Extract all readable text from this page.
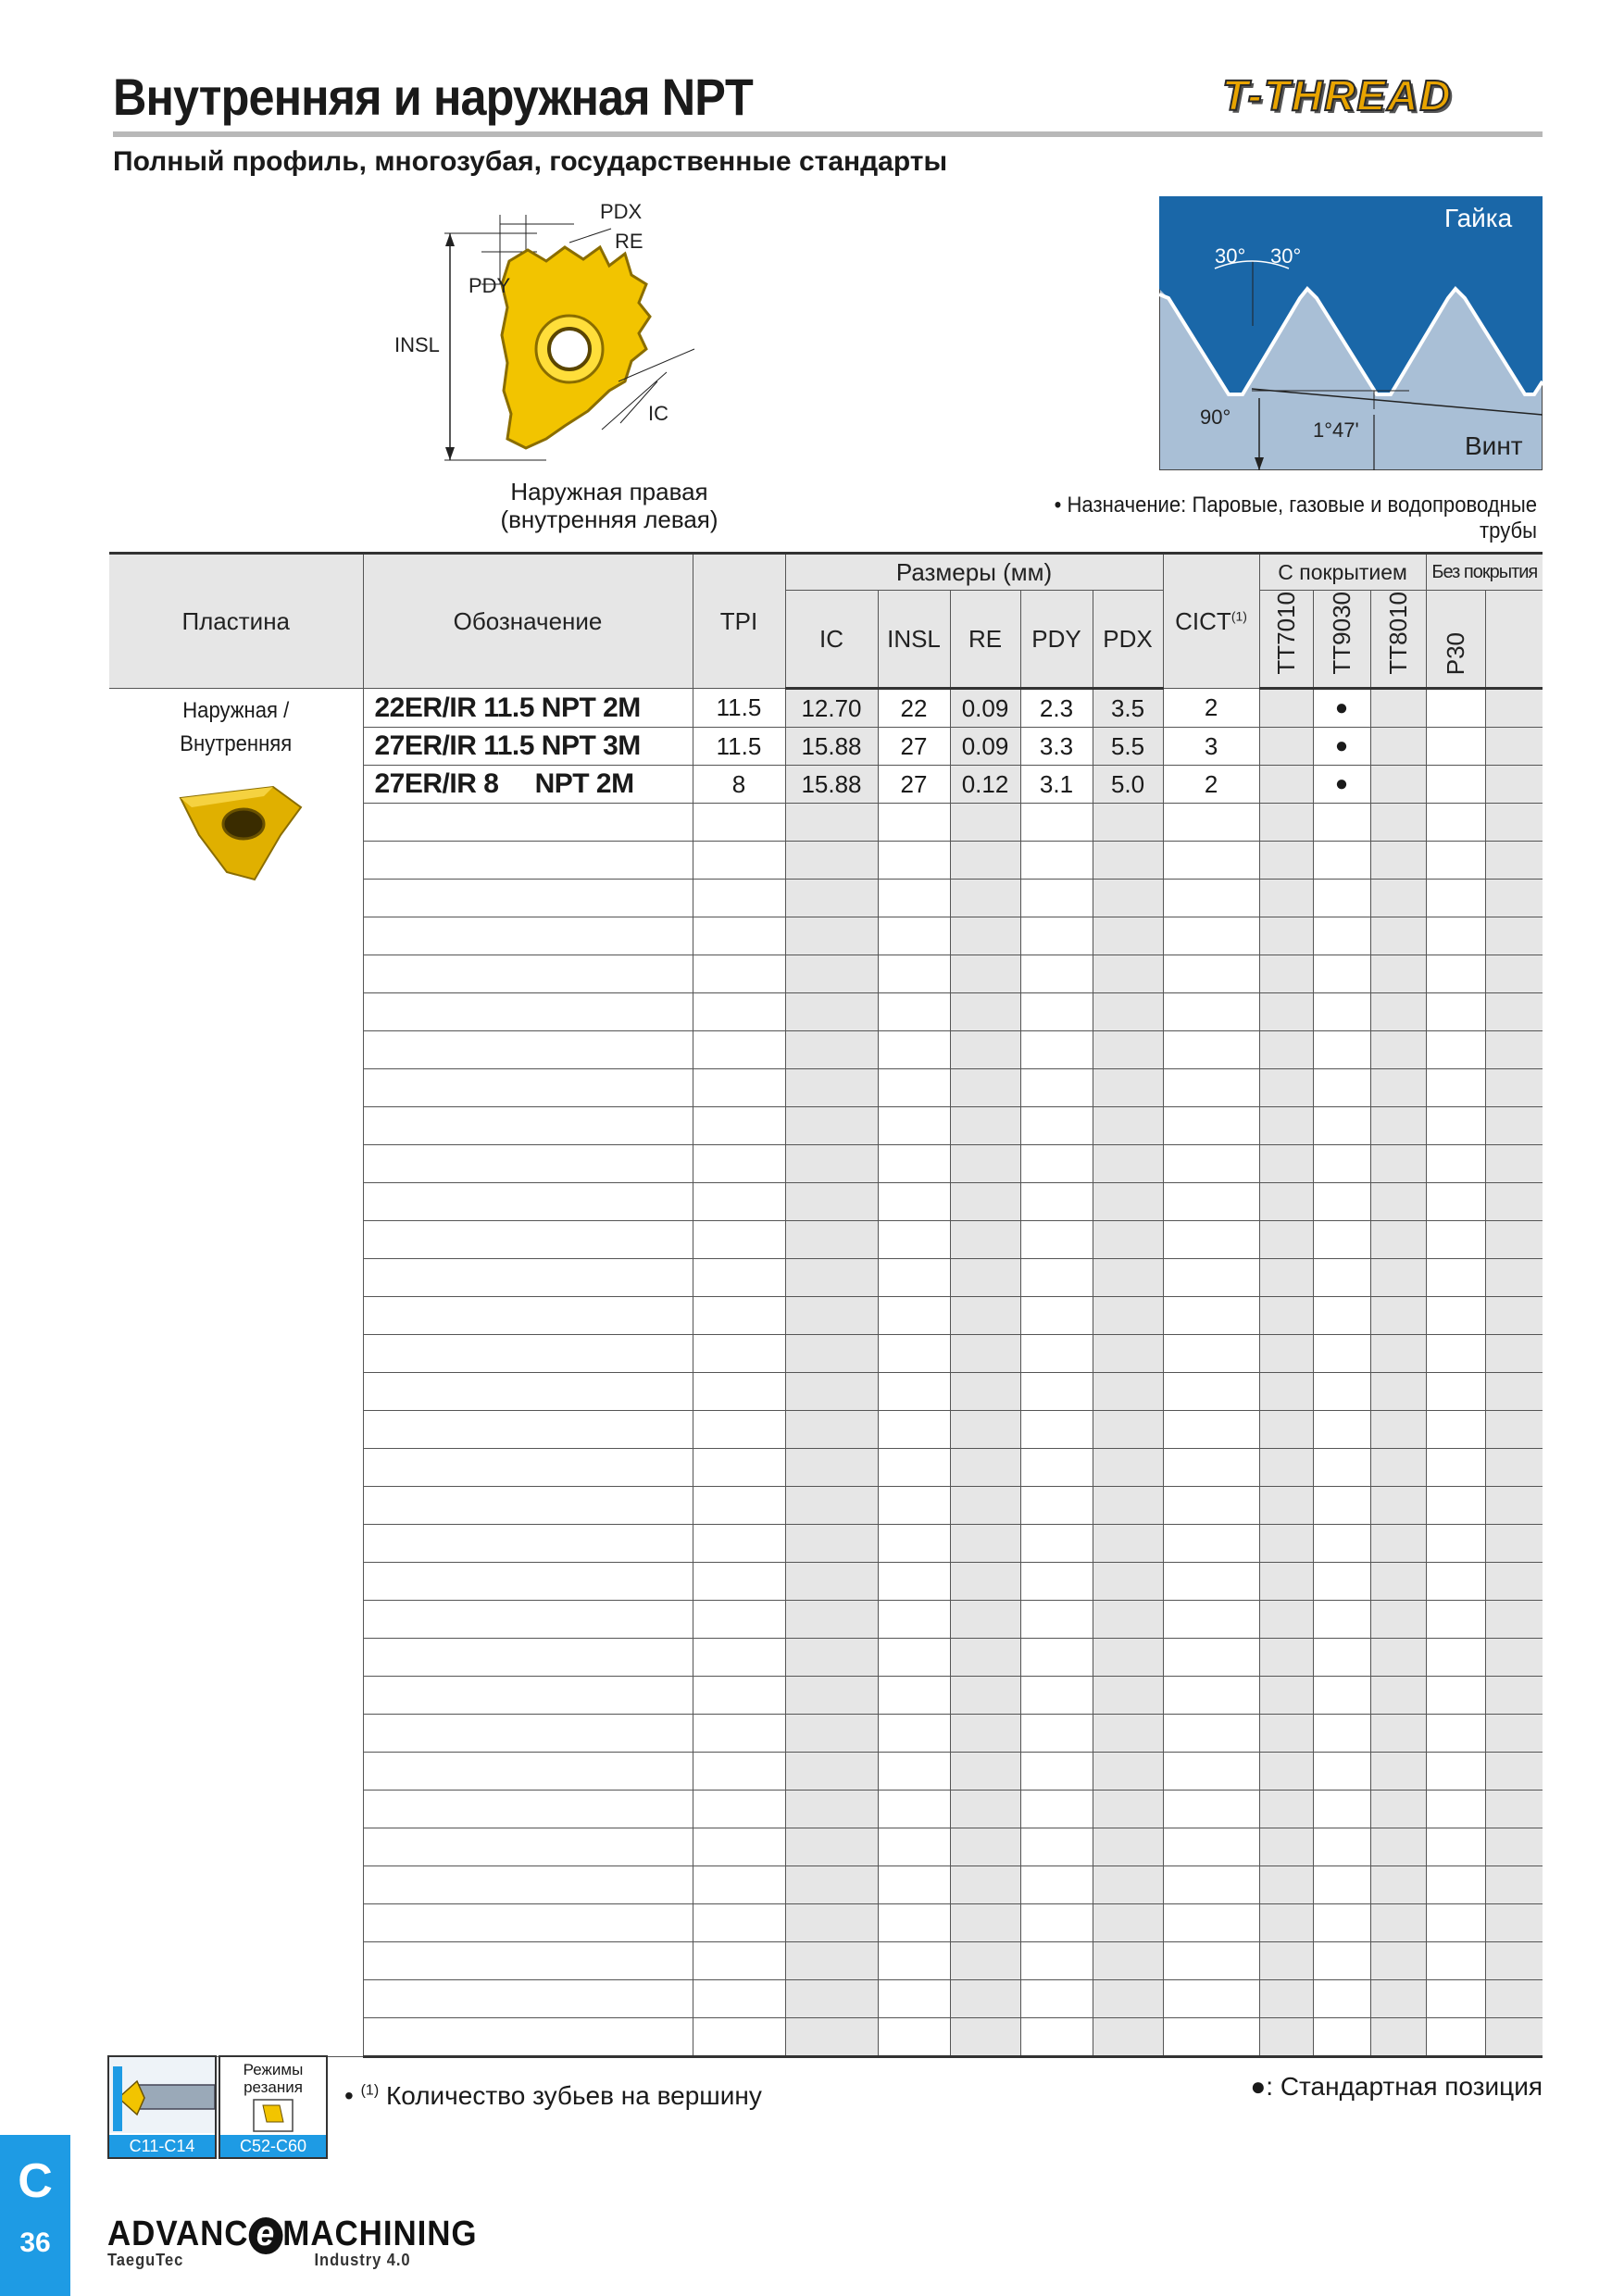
Внутренняя и наружная NPT	T-THREAD
Полный профиль, многозубая, государственные стандарты
PDX
RE
PDY
INSL
IC
Наружная правая
(внутренняя левая)
Гайка
30° 30°
90°
1°47'
Винт
• Назначение: Паровые, газовые и водопроводные трубы
Пластина	Обозначение	TPI	Размеры (мм)					CICT$^{(1)}$	С покрытием			Без покрытия	
			IC	INSL	RE	PDY	PDX		TT7010	TT9030	TT8010	P30	

Наружная /
Внутренняя	22ER/IR 11.5 NPT 2M	11.5	12.70	22	0.09	2.3	3.5	2		●			
	27ER/IR 11.5 NPT 3M	11.5	15.88	27	0.09	3.3	5.5	3		●			
	27ER/IR 8     NPT 2M	8	15.88	27	0.12	3.1	5.0	2		●			

C11-C14
Режимы
резания
C52-C60
• $^{(1)}$ Количество зубьев на вершину	●: Стандартная позиция
C
36	ADVANC e MACHINING
TaeguTec	Industry 4.0
